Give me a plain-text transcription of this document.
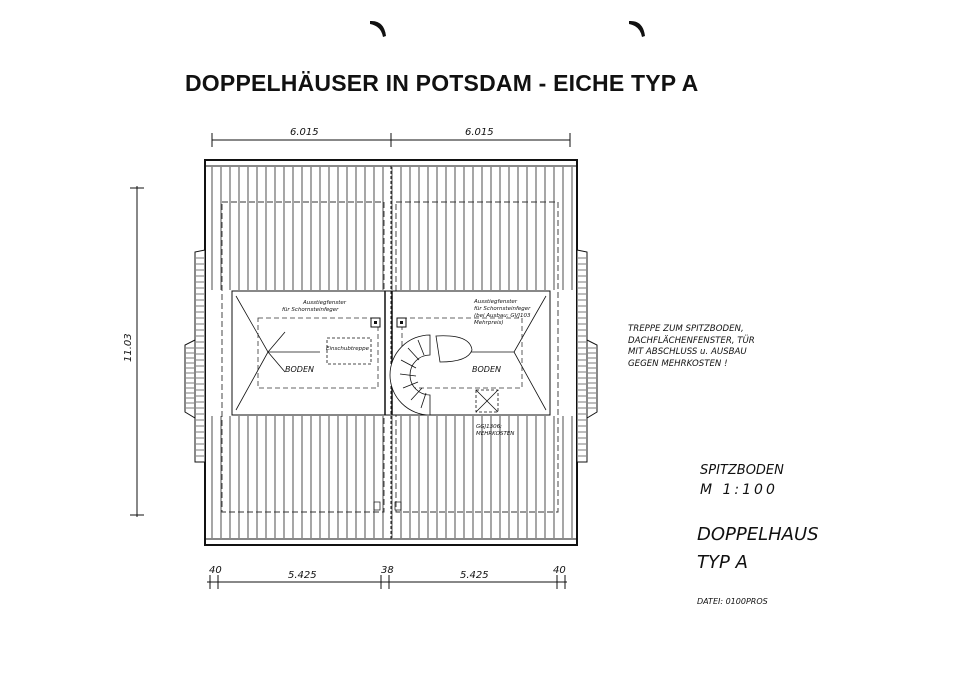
DOPPELHÄUSER IN POTSDAM - EICHE TYP A
6.015	6.015
11.03
BODEN	BODEN
Ausstiegfenster
für Schornsteinfeger
Einschubtreppe
Ausstiegfenster
für Schornsteinfeger
(bei Ausbau: GVJ103
Mehrpreis)
GGJ1306:
MEHRKOSTEN
40	5.425	38	5.425	40
TREPPE ZUM SPITZBODEN,
DACHFLÄCHENFENSTER, TÜR
MIT ABSCHLUSS u. AUSBAU
GEGEN MEHRKOSTEN !
SPITZBODEN
M 1:100
DOPPELHAUS
TYP A
DATEI: 0100PROS
